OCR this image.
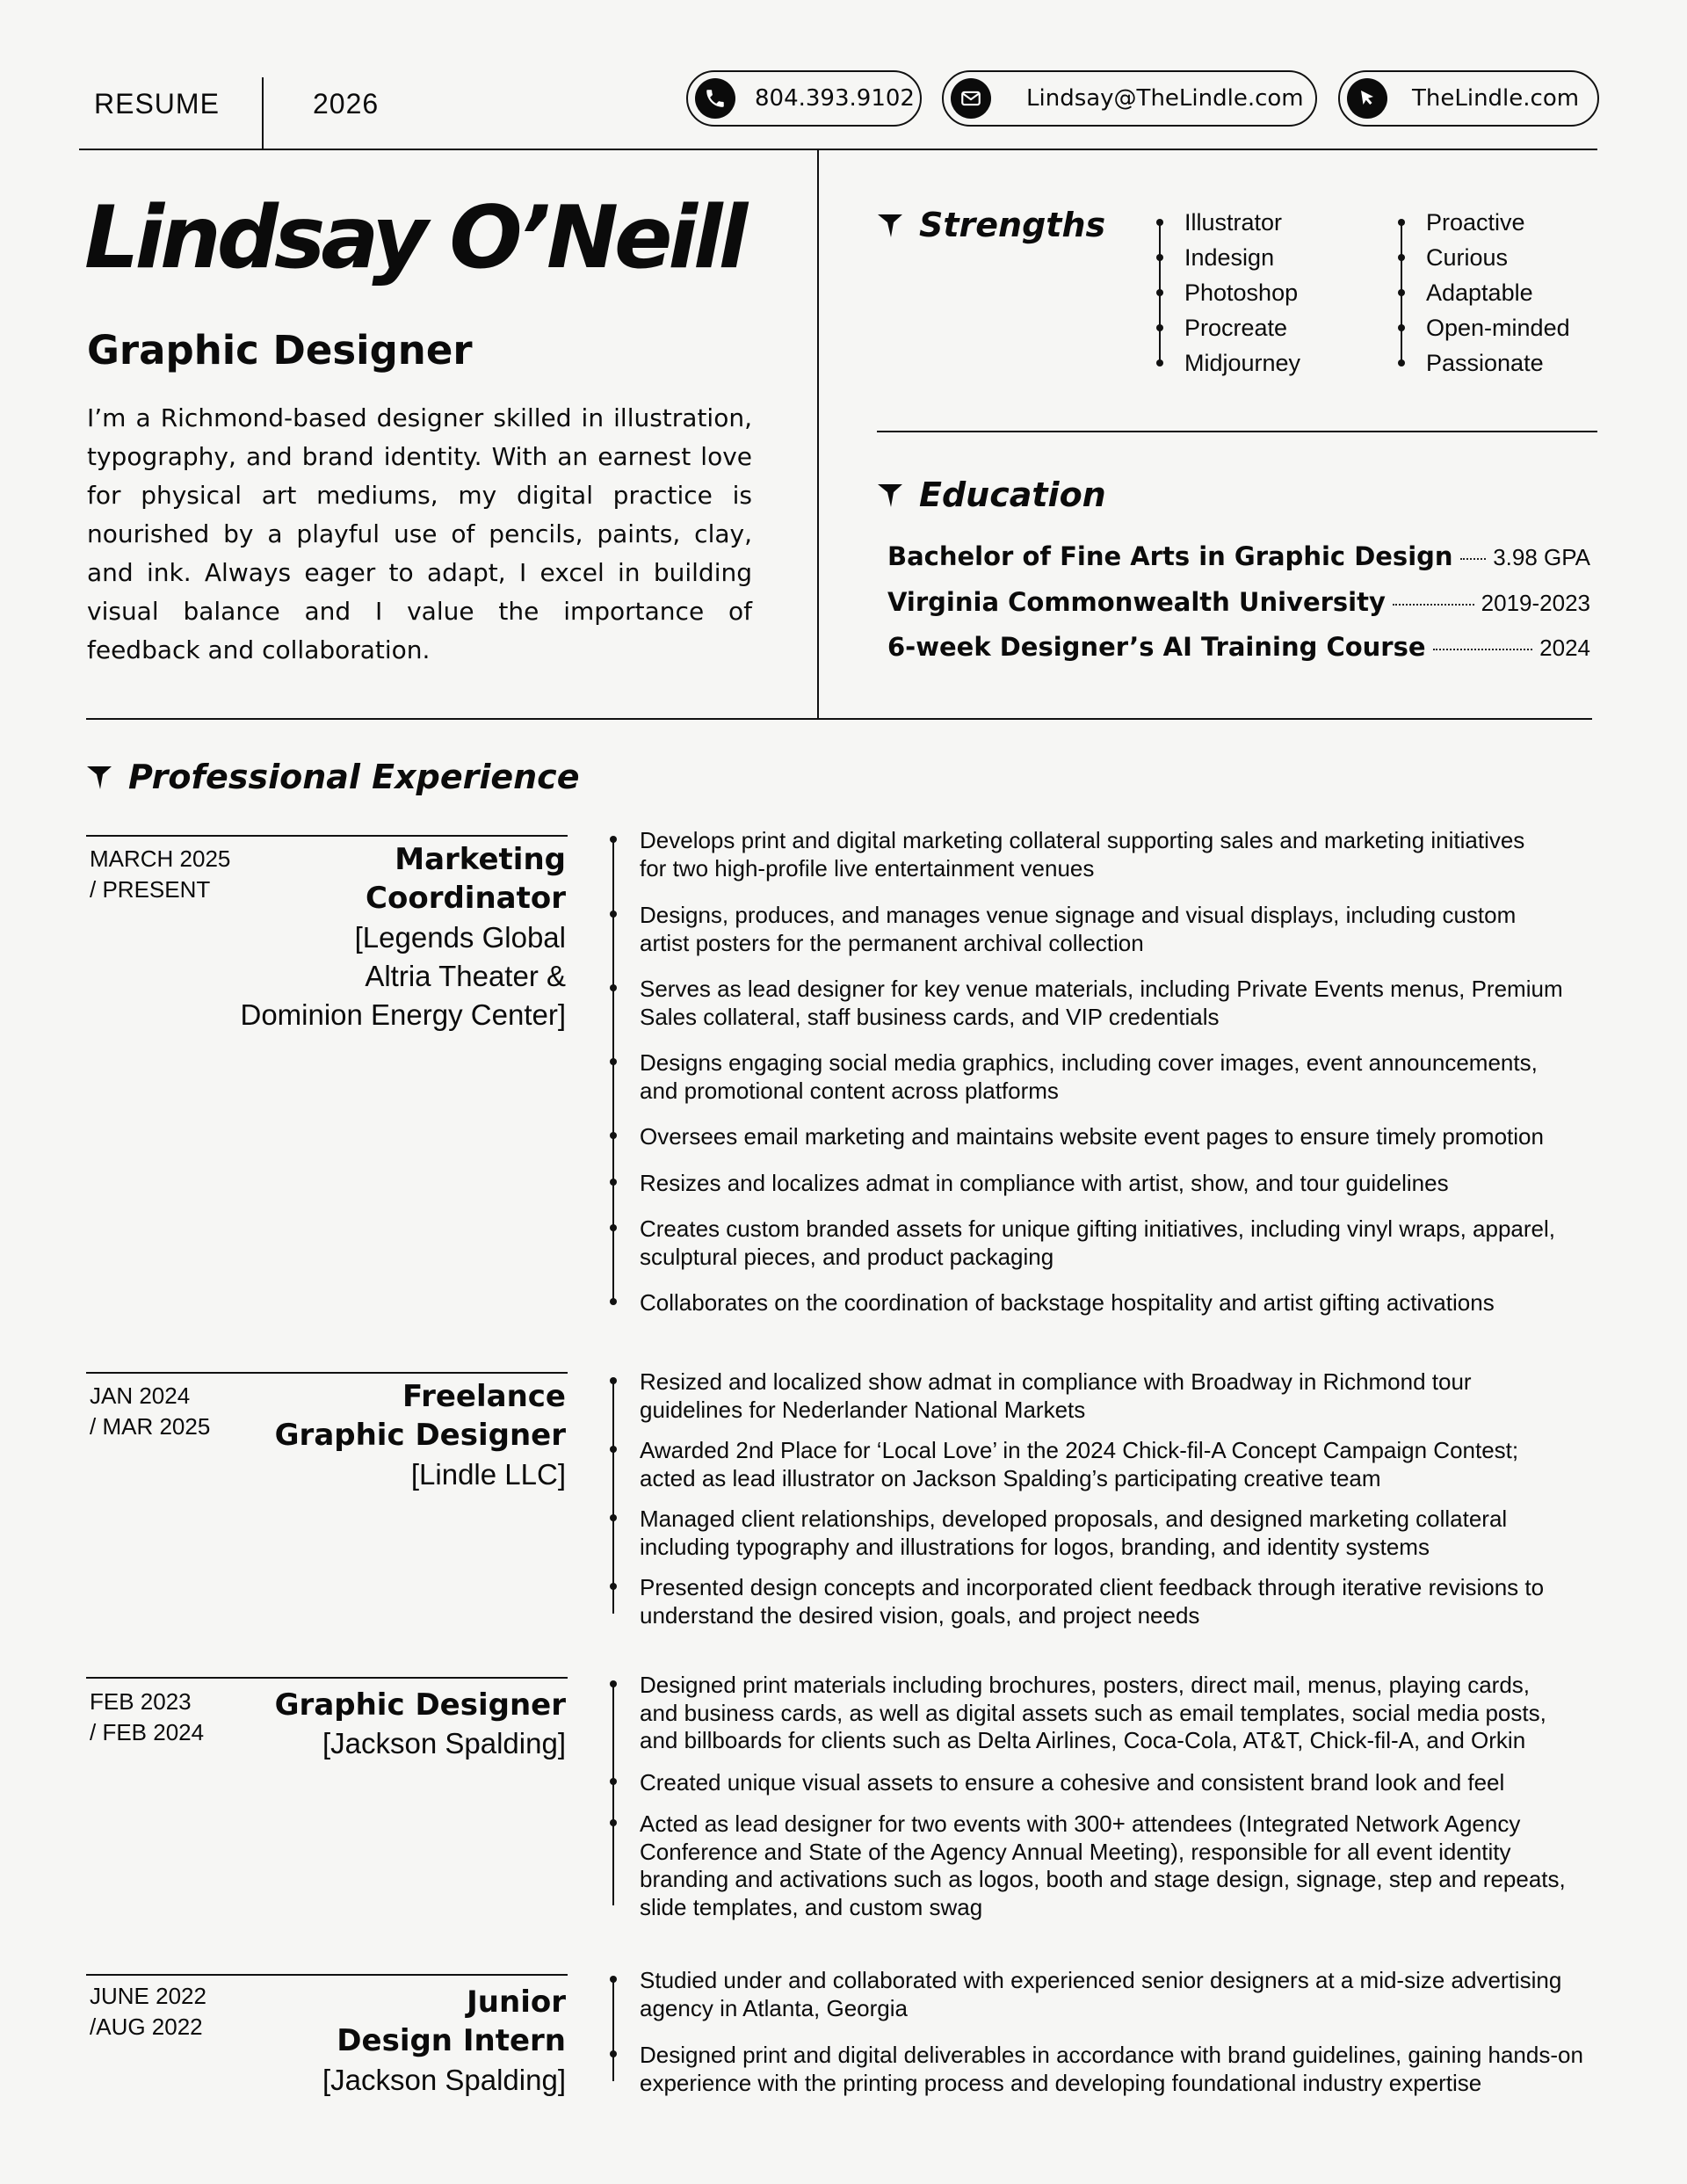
RESUME	2026	804.393.9102	Lindsay@TheLindle.com	TheLindle.com
Lindsay O’Neill
Graphic Designer
I’m a Richmond-based designer skilled in illustration, typography, and brand identity. With an earnest love for physical art mediums, my digital practice is nourished by a playful use of pencils, paints, clay, and ink. Always eager to adapt, I excel in building visual balance and I value the importance of feedback and collaboration.
Strengths	Illustrator
Indesign
Photoshop
Procreate
Midjourney
Proactive
Curious
Adaptable
Open-minded
Passionate
Education
Bachelor of Fine Arts in Graphic Design 3.98 GPA
Virginia Commonwealth University	2019-2023
6-week Designer’s AI Training Course	2024
Professional Experience
MARCH 2025
/ PRESENT
Marketing
Coordinator
[Legends Global
Altria Theater &
Dominion Energy Center]
Develops print and digital marketing collateral supporting sales and marketing initiatives
for two high-profile live entertainment venues
Designs, produces, and manages venue signage and visual displays, including custom
artist posters for the permanent archival collection
Serves as lead designer for key venue materials, including Private Events menus, Premium
Sales collateral, staff business cards, and VIP credentials
Designs engaging social media graphics, including cover images, event announcements,
and promotional content across platforms
Oversees email marketing and maintains website event pages to ensure timely promotion
Resizes and localizes admat in compliance with artist, show, and tour guidelines
Creates custom branded assets for unique gifting initiatives, including vinyl wraps, apparel,
sculptural pieces, and product packaging
Collaborates on the coordination of backstage hospitality and artist gifting activations
JAN 2024
/ MAR 2025
Freelance
Graphic Designer
[Lindle LLC]
Resized and localized show admat in compliance with Broadway in Richmond tour
guidelines for Nederlander National Markets
Awarded 2nd Place for ‘Local Love’ in the 2024 Chick-fil-A Concept Campaign Contest;
acted as lead illustrator on Jackson Spalding’s participating creative team
Managed client relationships, developed proposals, and designed marketing collateral
including typography and illustrations for logos, branding, and identity systems
Presented design concepts and incorporated client feedback through iterative revisions to
understand the desired vision, goals, and project needs
FEB 2023
/ FEB 2024
Graphic Designer
[Jackson Spalding]
Designed print materials including brochures, posters, direct mail, menus, playing cards,
and business cards, as well as digital assets such as email templates, social media posts,
and billboards for clients such as Delta Airlines, Coca-Cola, AT&T, Chick-fil-A, and Orkin
Created unique visual assets to ensure a cohesive and consistent brand look and feel
Acted as lead designer for two events with 300+ attendees (Integrated Network Agency
Conference and State of the Agency Annual Meeting), responsible for all event identity
branding and activations such as logos, booth and stage design, signage, step and repeats,
slide templates, and custom swag
JUNE 2022
/AUG 2022
Junior
Design Intern
[Jackson Spalding]
Studied under and collaborated with experienced senior designers at a mid-size advertising
agency in Atlanta, Georgia
Designed print and digital deliverables in accordance with brand guidelines, gaining hands-on
experience with the printing process and developing foundational industry expertise
